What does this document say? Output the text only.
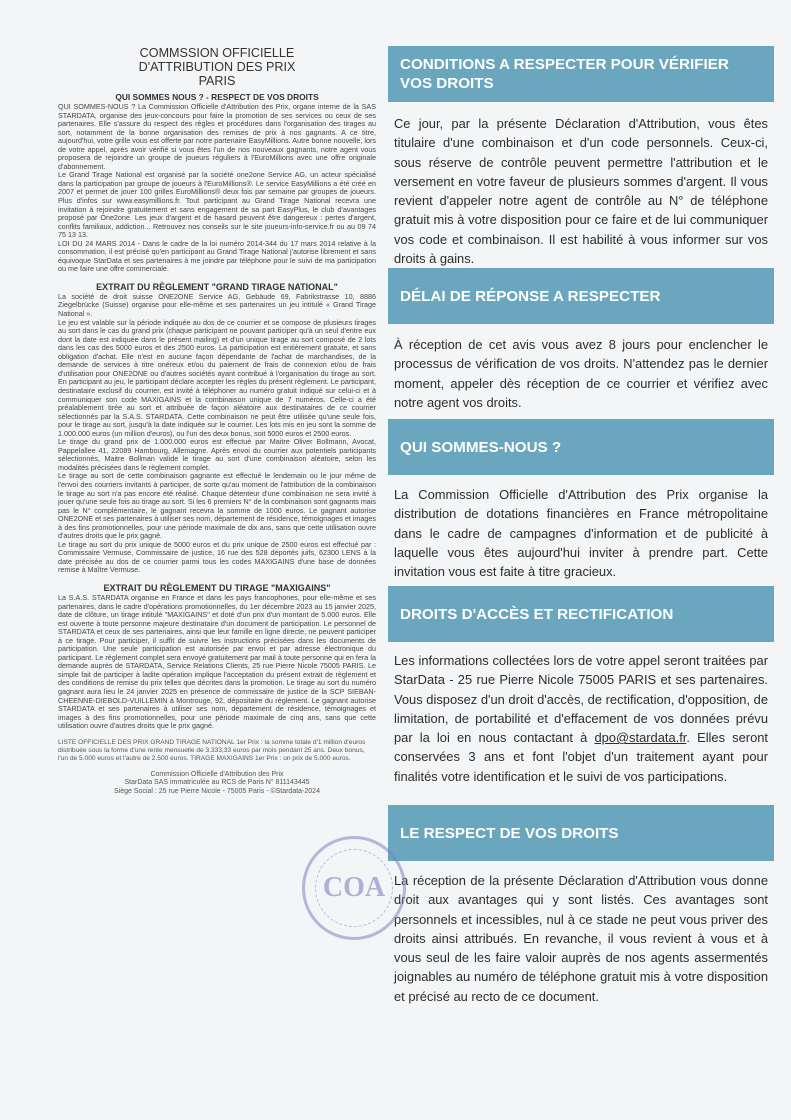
COMMSSION OFFICIELLE
D'ATTRIBUTION DES PRIX
PARIS
QUI SOMMES NOUS ? - RESPECT DE VOS DROITS

QUI SOMMES-NOUS ? La Commission Officielle d'Attribution des Prix, organe interne de la SAS STARDATA, organise des jeux-concours pour faire la promotion de ses services ou ceux de ses partenaires. Elle s'assure du respect des règles et procédures dans l'organisation des tirages au sort, notamment de la bonne organisation des remises de prix à nos gagnants. A ce titre, aujourd'hui, votre grille vous est offerte par notre partenaire EasyMillions. Autre bonne nouvelle, lors de votre appel, après avoir vérifié si vous êtes l'un de nos nouveaux gagnants, notre agent vous proposera de rejoindre un groupe de joueurs réguliers à l'EuroMillions avec une offre originale d'abonnement.

Le Grand Tirage National est organisé par la société one2one Service AG, un acteur spécialisé dans la participation par groupe de joueurs à l'EuroMillions®. Le service EasyMillions a été créé en 2007 et permet de jouer 100 grilles EuroMillions® deux fois par semaine par groupes de joueurs. Plus d'infos sur www.easymillions.fr. Tout participant au Grand Tirage National recevra une invitation à rejoindre gratuitement et sans engagement de sa part EasyPlus, le club d'avantages proposé par One2one. Les jeux d'argent et de hasard peuvent être dangereux : pertes d'argent, conflits familiaux, addiction... Retrouvez nos conseils sur le site joueurs-info-service.fr ou au 09 74 75 13 13.

LOI DU 24 MARS 2014 - Dans le cadre de la loi numéro 2014-344 du 17 mars 2014 relative à la consommation, il est précisé qu'en participant au Grand Tirage National j'autorise librement et sans équivoque StarData et ses partenaires à me joindre par téléphone pour le suivi de ma participation ou me faire une offre commerciale.

EXTRAIT DU RÈGLEMENT "GRAND TIRAGE NATIONAL"

La société de droit suisse ONE2ONE Service AG, Gebäude 69, Fabrikstrasse 10, 8886 Ziegelbrücke (Suisse) organise pour elle-même et ses partenaires un jeu intitulé « Grand Tirage National ».

Le jeu est valable sur la période indiquée au dos de ce courrier et se compose de plusieurs tirages au sort dans le cas du grand prix (chaque participant ne pouvant participer qu'à un seul d'entre eux dont la date est indiquée dans le présent mailing) et d'un unique tirage au sort composé de 2 lots dans les cas des 5000 euros et des 2500 euros. La participation est entièrement gratuite, et sans obligation d'achat. Elle n'est en aucune façon dépendante de l'achat de marchandises, de la demande de services à titre onéreux et/ou du paiement de frais de connexion et/ou de frais d'utilisation pour ONE2ONE ou d'autres sociétés ayant contribué à l'organisation du tirage au sort. En participant au jeu, le participant déclare accepter les règles du présent règlement. Le participant, destinataire exclusif du courrier, est invité à téléphoner au numéro gratuit indiqué sur celui-ci et à communiquer son code MAXIGAINS et la combinaison unique de 7 numéros. Celle-ci a été préalablement tirée au sort et attribuée de façon aléatoire aux destinataires de ce courrier sélectionnés par la S.A.S. STARDATA. Cette combinaison ne peut être utilisée qu'une seule fois, pour le tirage au sort, jusqu'à la date indiquée sur le courrier. Les lots mis en jeu sont la somme de 1.000.000 euros (un million d'euros), ou l'un des deux bonus, soit 5000 euros et 2500 euros.

Le tirage du grand prix de 1.000.000 euros est effectué par Maitre Oliver Bollmann, Avocat, Pappelallee 41, 22089 Hambourg, Allemagne. Après envoi du courrier aux potentiels participants sélectionnés, Maitre Bollman valide le tirage au sort d'une combinaison aléatoire, selon les modalités précisées dans le règlement complet.

Le tirage au sort de cette combinaison gagnante est effectué le lendemain ou le jour même de l'envoi des courriers invitants à participer, de sorte qu'au moment de l'attribution de la combinaison le tirage au sort n'a pas encore été réalisé. Chaque détenteur d'une combinaison ne sera invité à jouer qu'une seule fois au tirage au sort. Si les 6 premiers N° de la combinaison sont gagnants mais pas le N° complémentaire, le gagnant recevra la somme de 1000 euros. Le gagnant autorise ONE2ONE et ses partenaires à utiliser ses nom, département de résidence, témoignages et images à des fins promotionnelles, pour une période maximale de dix ans, sans que cette utilisation ouvre d'autres droits que le prix gagné.

Le tirage au sort du prix unique de 5000 euros et du prix unique de 2500 euros est effectué par : Commissaire Vermuse, Commissaire de justice, 16 rue des 528 déportés juifs, 62300 LENS à la date précisée au dos de ce courrier parmi tous les codes MAXIGAINS d'une base de données remise à Maître Vermuse.

EXTRAIT DU RÈGLEMENT DU TIRAGE "MAXIGAINS"

La S.A.S. STARDATA organise en France et dans les pays francophones, pour elle-même et ses partenaires, dans le cadre d'opérations promotionnelles, du 1er décembre 2023 au 15 janvier 2025, date de clôture, un tirage intitulé "MAXIGAINS" et doté d'un prix d'un montant de 5.000 euros. Elle est ouverte à toute personne majeure destinataire d'un document de participation. Le personnel de STARDATA et ceux de ses partenaires, ainsi que leur famille en ligne directe, ne peuvent participer à ce tirage. Pour participer, il suffit de suivre les instructions précisées dans les documents de participation. Une seule participation est autorisée par envoi et par adresse électronique du participant. Le règlement complet sera envoyé gratuitement par mail à toute personne qui en fera la demande auprès de STARDATA, Service Relations Clients, 25 rue Pierre Nicole 75005 PARIS. Le simple fait de participer à ladite opération implique l'acceptation du présent extrait de règlement et des conditions de remise du prix telles que décrites dans la promotion. Le tirage au sort du numéro gagnant aura lieu le 24 janvier 2025 en présence de commissaire de justice de la SCP SIEBAN-CHEENNE-DIEBOLD-VUILLEMIN à Montrouge, 92, dépositaire du règlement. Le gagnant autorise STARDATA et ses partenaires à utiliser ses nom, département de résidence, témoignages et images à des fins promotionnelles, pour une période maximale de cinq ans, sans que cette utilisation ouvre d'autres droits que le prix gagné.

LISTE OFFICIELLE DES PRIX GRAND TIRAGE NATIONAL 1er Prix : la somme totale d'1 million d'euros distribuée sous la forme d'une rente mensuelle de 3.333,33 euros par mois pendant 25 ans. Deux bonus, l'un de 5.000 euros et l'autre de 2.500 euros. TIRAGE MAXIGAINS 1er Prix : un prix de 5.000 euros.
Commission Officielle d'Attribution des Prix
StarData SAS immatriculée au RCS de Paris N° 811143445
Siège Social : 25 rue Pierre Nicole - 75005 Paris - ©Stardata-2024
CONDITIONS A RESPECTER POUR VÉRIFIER VOS DROITS

Ce jour, par la présente Déclaration d'Attribution, vous êtes titulaire d'une combinaison et d'un code personnels. Ceux-ci, sous réserve de contrôle peuvent permettre l'attribution et le versement en votre faveur de plusieurs sommes d'argent. Il vous revient d'appeler notre agent de contrôle au N° de téléphone gratuit mis à votre disposition pour ce faire et de lui communiquer vos code et combinaison. Il est habilité à vous informer sur vos droits à gains.

DÉLAI DE RÉPONSE A RESPECTER

À réception de cet avis vous avez 8 jours pour enclencher le processus de vérification de vos droits. N'attendez pas le dernier moment, appeler dès réception de ce courrier et vérifiez avec notre agent vos droits.

QUI SOMMES-NOUS ?

La Commission Officielle d'Attribution des Prix organise la distribution de dotations financières en France métropolitaine dans le cadre de campagnes d'information et de publicité à laquelle vous êtes aujourd'hui inviter à prendre part. Cette invitation vous est faite à titre gracieux.

DROITS D'ACCÈS ET RECTIFICATION

Les informations collectées lors de votre appel seront traitées par StarData - 25 rue Pierre Nicole 75005 PARIS et ses partenaires. Vous disposez d'un droit d'accès, de rectification, d'opposition, de limitation, de portabilité et d'effacement de vos données prévu par la loi en nous contactant à dpo@stardata.fr. Elles seront conservées 3 ans et font l'objet d'un traitement ayant pour finalités votre identification et le suivi de vos participations.

LE RESPECT DE VOS DROITS

La réception de la présente Déclaration d'Attribution vous donne droit aux avantages qui y sont listés. Ces avantages sont personnels et incessibles, nul à ce stade ne peut vous priver des droits ainsi attribués. En revanche, il vous revient à vous et à vous seul de les faire valoir auprès de nos agents assermentés joignables au numéro de téléphone gratuit mis à votre disposition et précisé au recto de ce document.

COA
